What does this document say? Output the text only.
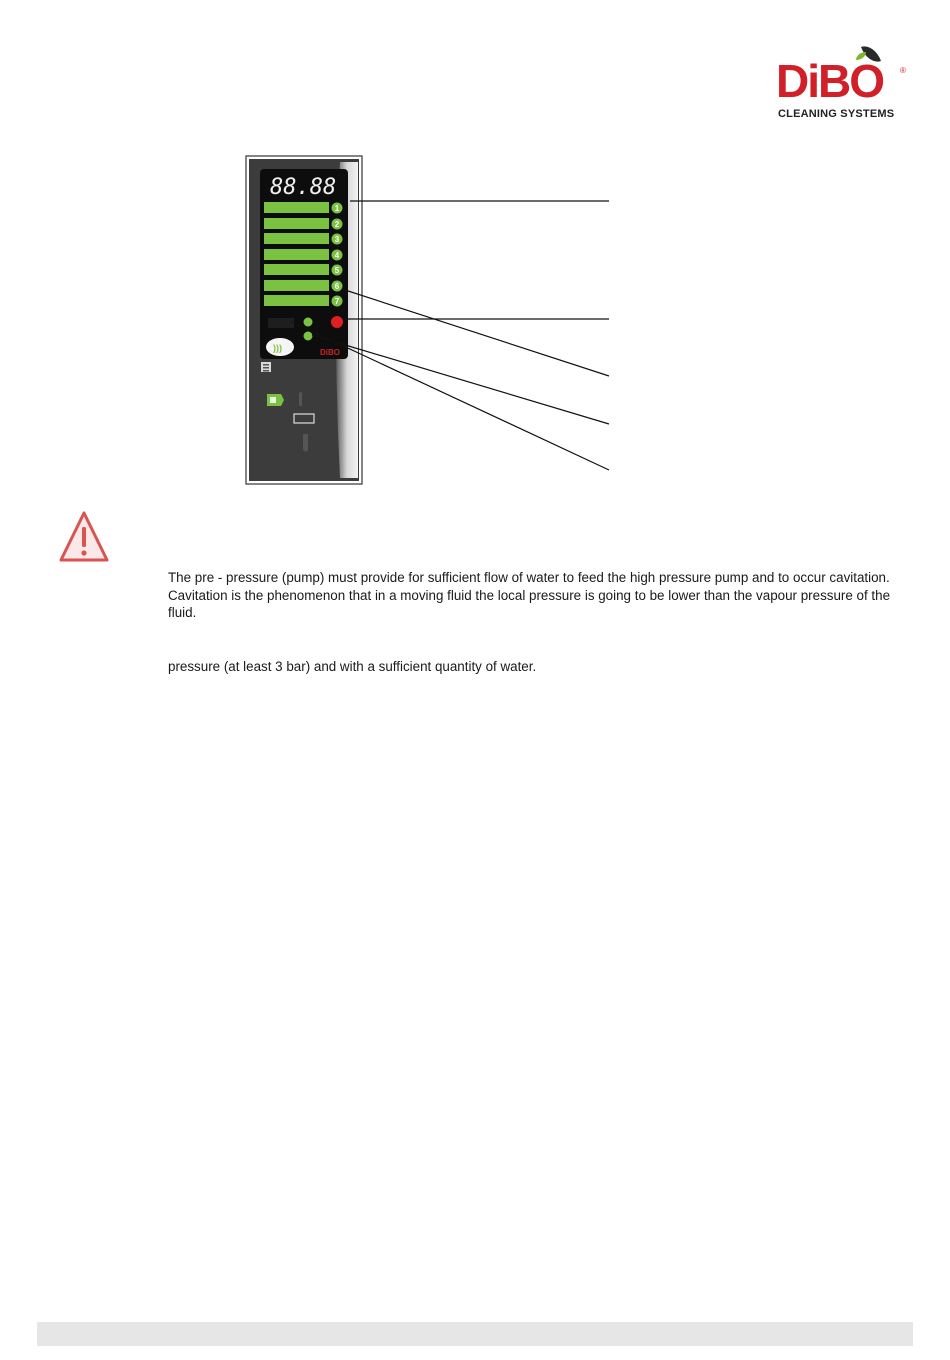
DiBO ®
CLEANING SYSTEMS
88.88
1
2
3
4
5
6
7
)))	DiBO

The pre - pressure (pump) must provide for sufficient flow of water to feed the high pressure pump and to occur cavitation. Cavitation is the phenomenon that in a moving fluid the local pressure is going to be lower than the vapour pressure of the fluid.

pressure (at least 3 bar) and with a sufficient quantity of water.
